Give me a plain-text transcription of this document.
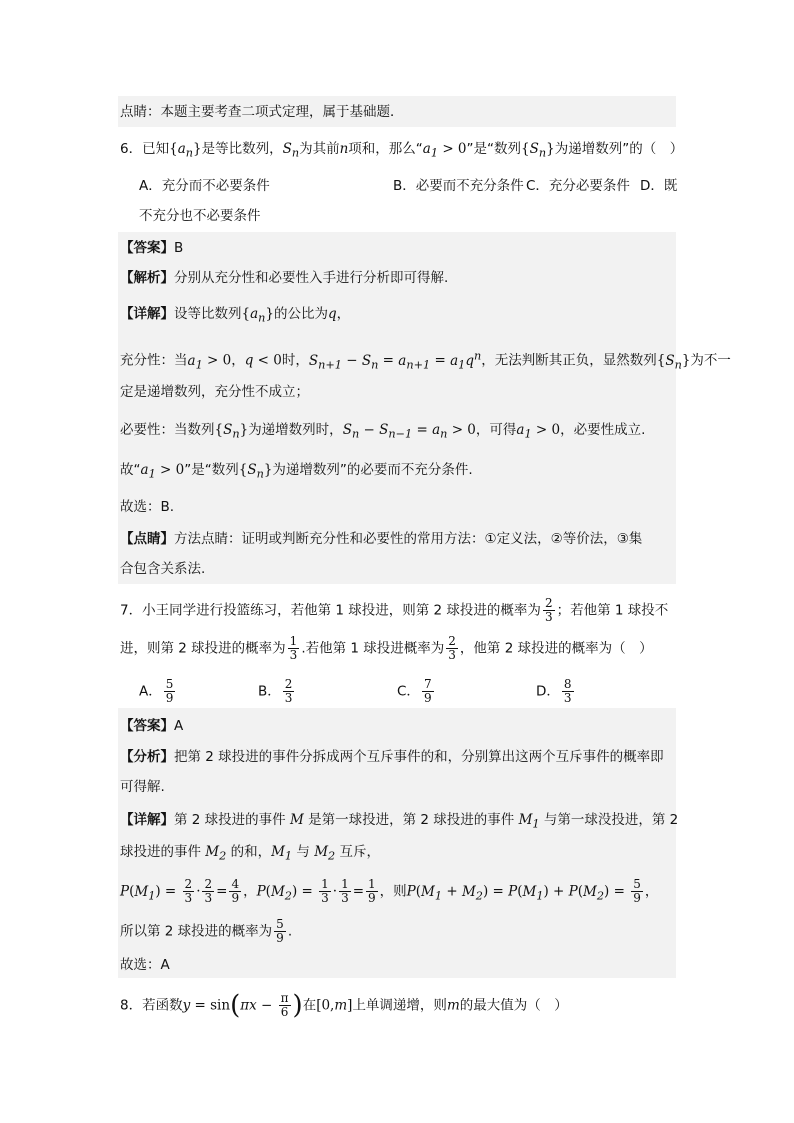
点睛：本题主要考查二项式定理，属于基础题．
6．已知$\{a_n\}$是等比数列，$S_n$为其前n项和，那么“$a_1 > 0$”是“数列$\{S_n\}$为递增数列”的（　）
A．充分而不必要条件	B．必要而不充分条件 C．充分必要条件 D．既
不充分也不必要条件
【答案】B
【解析】分别从充分性和必要性入手进行分析即可得解.
【详解】设等比数列$\{a_n\}$的公比为q，
充分性：当$a_1 > 0$，q < 0时，$S_{n+1} - S_n = a_{n+1} = a_1q^n$，无法判断其正负，显然数列$\{S_n\}$为不一
定是递增数列，充分性不成立；
必要性：当数列$\{S_n\}$为递增数列时，$S_n - S_{n-1} = a_n > 0$，可得$a_1 > 0$，必要性成立.
故“$a_1 > 0$”是“数列$\{S_n\}$为递增数列”的必要而不充分条件.
故选：B.
【点睛】方法点睛：证明或判断充分性和必要性的常用方法：①定义法，②等价法，③集
合包含关系法.
7．小王同学进行投篮练习，若他第 1 球投进，则第 2 球投进的概率为 $\frac{2}{3}$ ；若他第 1 球投不
进，则第 2 球投进的概率为 $\frac{1}{3}$ .若他第 1 球投进概率为 $\frac{2}{3}$ ，他第 2 球投进的概率为（　）
A． $\frac{5}{9}$	B． $\frac{2}{3}$	C． $\frac{7}{9}$	D． $\frac{8}{3}$
【答案】A
【分析】把第 2 球投进的事件分拆成两个互斥事件的和，分别算出这两个互斥事件的概率即
可得解.
【详解】第 2 球投进的事件 M 是第一球投进，第 2 球投进的事件 $M_1$ 与第一球没投进，第 2
球投进的事件 $M_2$ 的和，$M_1$ 与 $M_2$ 互斥，
$P(M_1) = \frac{2}{3} \cdot \frac{2}{3} = \frac{4}{9}$ ，$P(M_2) = \frac{1}{3} \cdot \frac{1}{3} = \frac{1}{9}$ ，则$P(M_1 + M_2) = P(M_1) + P(M_2) = \frac{5}{9}$ ，
所以第 2 球投进的概率为 $\frac{5}{9}$ .
故选：A
8．若函数$y = \sin(\pi x - \frac{\pi}{6}$ )在[0,m]上单调递增，则m的最大值为（　）
